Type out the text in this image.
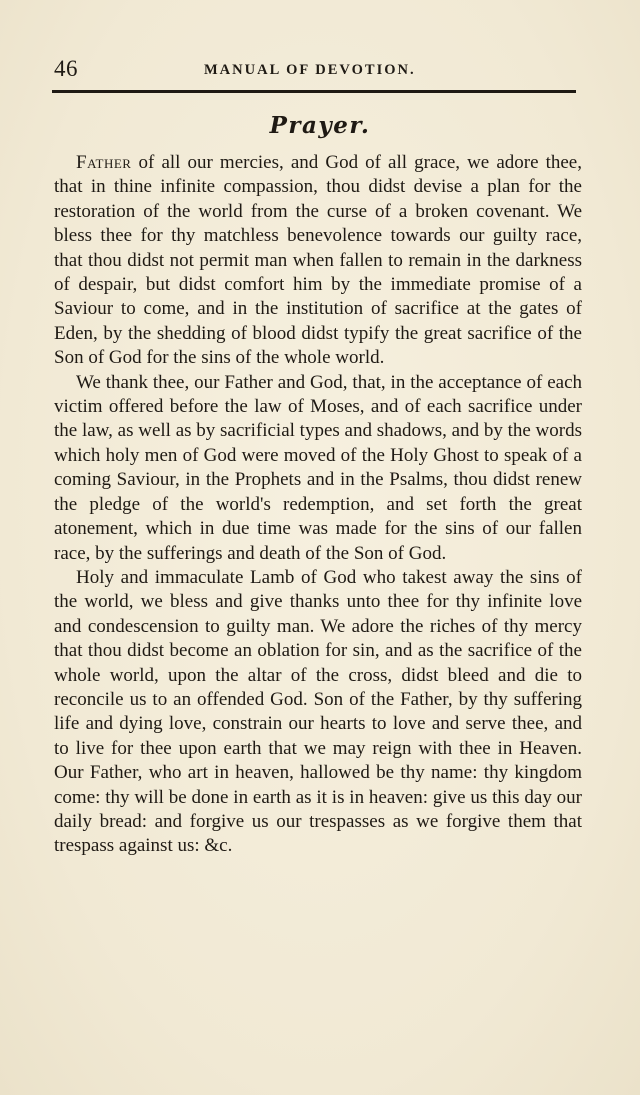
46	MANUAL OF DEVOTION.
Prayer.

Father of all our mercies, and God of all grace, we adore thee, that in thine infinite compassion, thou didst devise a plan for the restoration of the world from the curse of a broken covenant. We bless thee for thy matchless benevolence towards our guilty race, that thou didst not permit man when fallen to remain in the darkness of despair, but didst comfort him by the immediate promise of a Saviour to come, and in the institution of sacrifice at the gates of Eden, by the shedding of blood didst typify the great sacrifice of the Son of God for the sins of the whole world.

We thank thee, our Father and God, that, in the acceptance of each victim offered before the law of Moses, and of each sacrifice under the law, as well as by sacrificial types and shadows, and by the words which holy men of God were moved of the Holy Ghost to speak of a coming Saviour, in the Prophets and in the Psalms, thou didst renew the pledge of the world's redemption, and set forth the great atonement, which in due time was made for the sins of our fallen race, by the sufferings and death of the Son of God.

Holy and immaculate Lamb of God who takest away the sins of the world, we bless and give thanks unto thee for thy infinite love and condescension to guilty man. We adore the riches of thy mercy that thou didst become an oblation for sin, and as the sacrifice of the whole world, upon the altar of the cross, didst bleed and die to reconcile us to an offended God. Son of the Father, by thy suffering life and dying love, constrain our hearts to love and serve thee, and to live for thee upon earth that we may reign with thee in Heaven. Our Father, who art in heaven, hallowed be thy name: thy kingdom come: thy will be done in earth as it is in heaven: give us this day our daily bread: and forgive us our trespasses as we forgive them that trespass against us: &c.
